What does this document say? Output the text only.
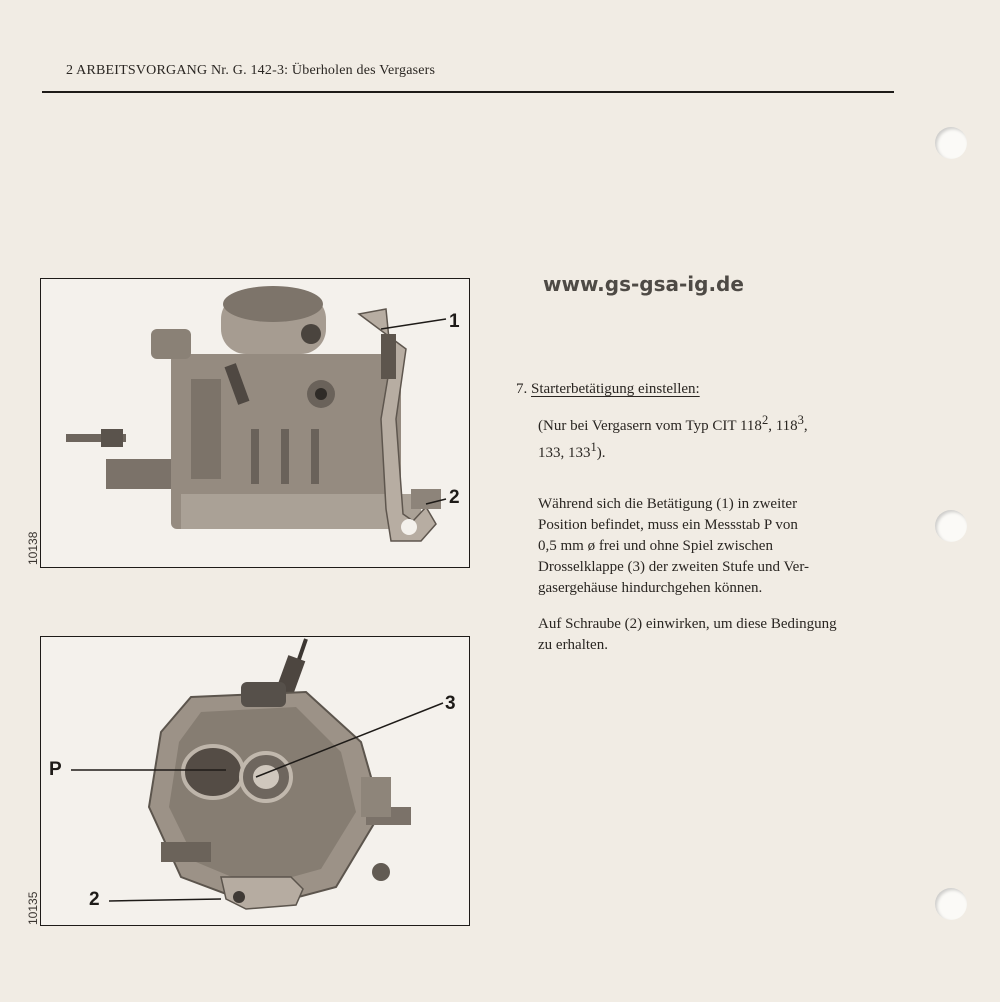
2 ARBEITSVORGANG Nr. G. 142-3: Überholen des Vergasers
1
2
10138
3
P
2
10135
www.gs-gsa-ig.de
7. Starterbetätigung einstellen:
(Nur bei Vergasern vom Typ CIT $118^2$, $118^3$,
133, $133^1$).
Während sich die Betätigung (1) in zweiter
Position befindet, muss ein Messstab P von
0,5 mm ø frei und ohne Spiel zwischen
Drosselklappe (3) der zweiten Stufe und Ver-
gasergehäuse hindurchgehen können.
Auf Schraube (2) einwirken, um diese Bedingung
zu erhalten.
